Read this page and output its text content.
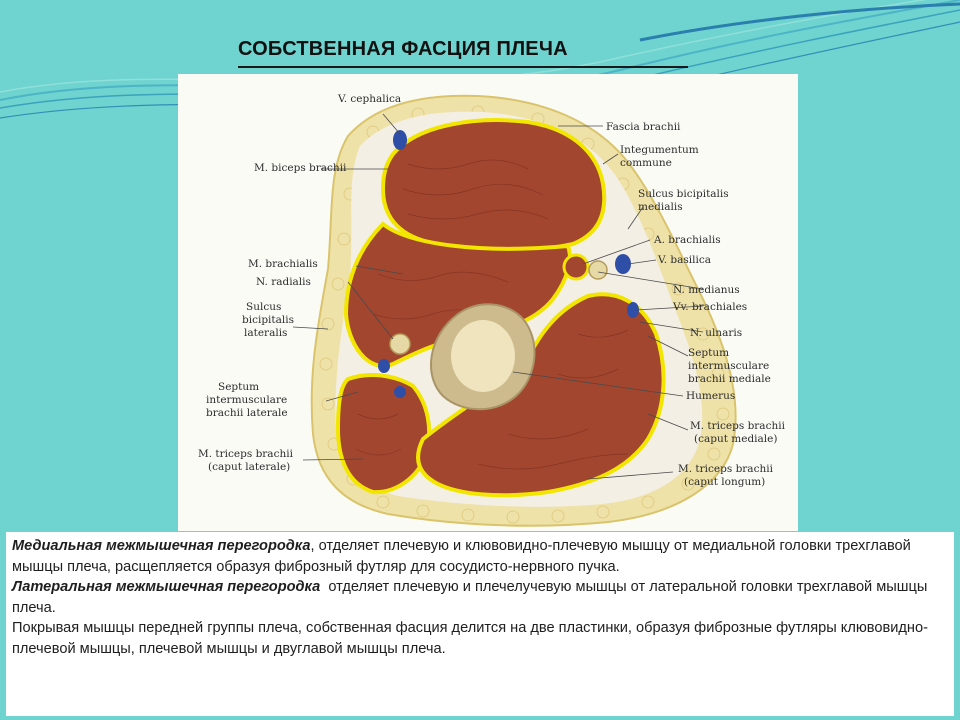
СОБСТВЕННАЯ ФАСЦИЯ ПЛЕЧА
V. cephalica
Fascia brachii
M. biceps brachii
Integumentum
commune
Sulcus bicipitalis
medialis
A. brachialis
V. basilica
M. brachialis
N. radialis
N. medianus
Vv. brachiales
Sulcus
bicipitalis
lateralis	N. ulnaris
Septum
intermusculare
brachii mediale
Septum
intermusculare
brachii laterale
Humerus
M. triceps brachii
(caput mediale)
M. triceps brachii
(caput laterale)	M. triceps brachii
(caput longum)

Медиальная межмышечная перегородка, отделяет плечевую и клювовидно-плечевую мышцу от медиальной головки трехглавой мышцы плеча, расщепляется образуя фиброзный футляр для сосудисто-нервного пучка.

Латеральная межмышечная перегородка  отделяет плечевую и плечелучевую мышцы от латеральной головки трехглавой мышцы плеча.

Покрывая мышцы передней группы плеча, собственная фасция делится на две пластинки, образуя фиброзные футляры клювовидно-плечевой мышцы, плечевой мышцы и двуглавой мышцы плеча.
